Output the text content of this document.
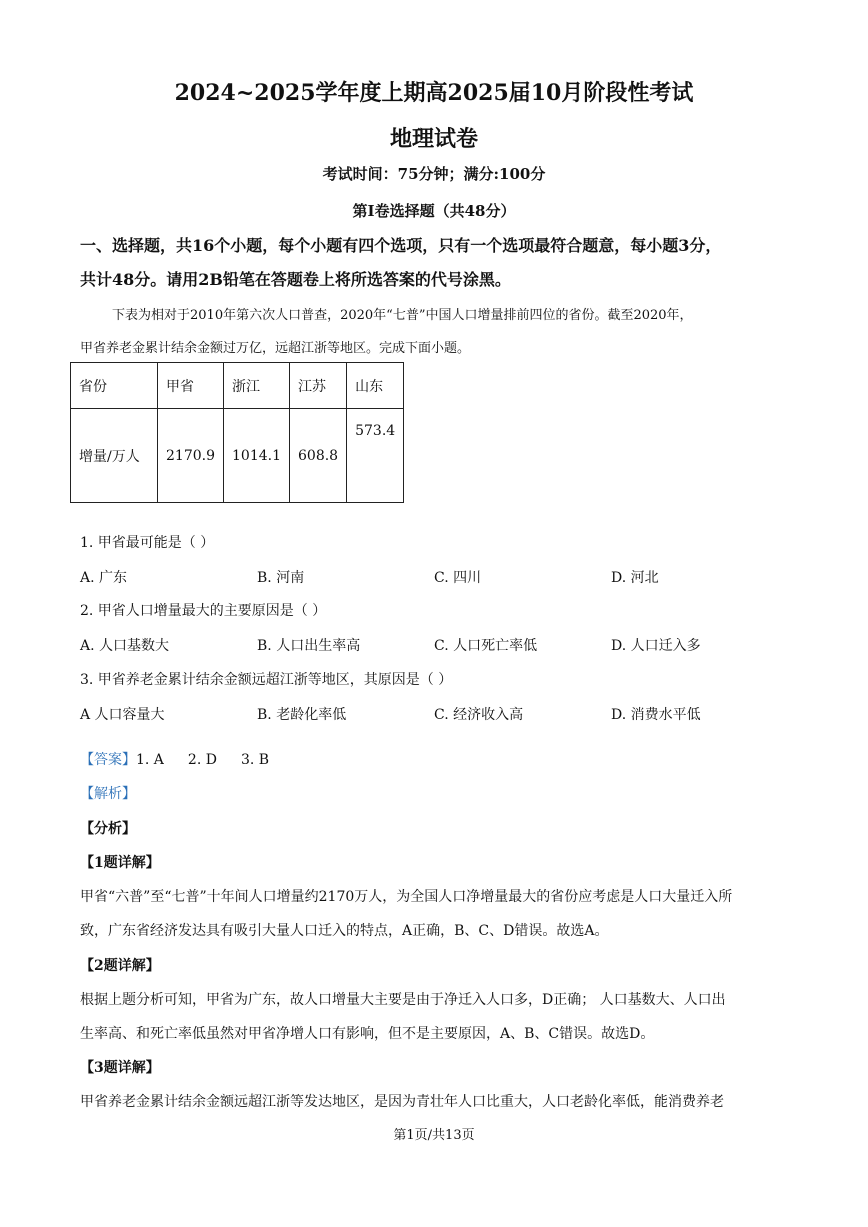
2024~2025学年度上期高2025届10月阶段性考试
地理试卷
考试时间：75分钟；满分:100分
第I卷选择题（共48分）
一、选择题，共16个小题，每个小题有四个选项，只有一个选项最符合题意，每小题3分，
共计48分。请用2B铅笔在答题卷上将所选答案的代号涂黑。
下表为相对于2010年第六次人口普查，2020年“七普”中国人口增量排前四位的省份。截至2020年，
甲省养老金累计结余金额过万亿，远超江浙等地区。完成下面小题。
省份	甲省	浙江	江苏	山东
增量/万人	2170.9	1014.1	608.8	573.4
1. 甲省最可能是（ ）
A. 广东	B. 河南	C. 四川	D. 河北
2. 甲省人口增量最大的主要原因是（ ）
A. 人口基数大	B. 人口出生率高	C. 人口死亡率低	D. 人口迁入多
3. 甲省养老金累计结余金额远超江浙等地区，其原因是（ ）
A 人口容量大	B. 老龄化率低	C. 经济收入高	D. 消费水平低
【答案】1. A 2. D 3. B
【解析】
【分析】
【1题详解】
甲省“六普”至“七普”十年间人口增量约2170万人，为全国人口净增量最大的省份应考虑是人口大量迁入所
致，广东省经济发达具有吸引大量人口迁入的特点，A正确，B、C、D错误。故选A。
【2题详解】
根据上题分析可知，甲省为广东，故人口增量大主要是由于净迁入人口多，D正确； 人口基数大、人口出
生率高、和死亡率低虽然对甲省净增人口有影响，但不是主要原因，A、B、C错误。故选D。
【3题详解】
甲省养老金累计结余金额远超江浙等发达地区，是因为青壮年人口比重大，人口老龄化率低，能消费养老
第1页/共13页
